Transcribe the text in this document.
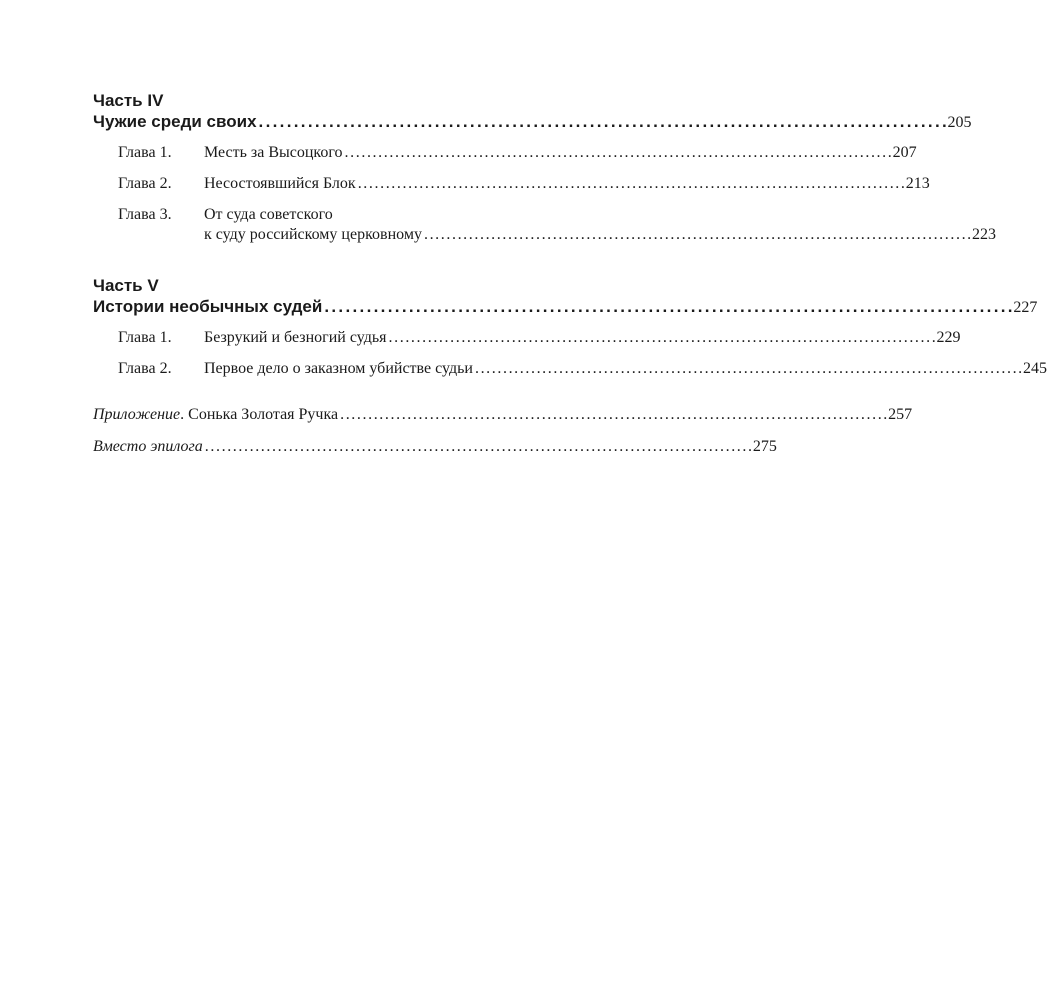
Часть IV

Чужие среди своих . . .	205
Глава 1.	Месть за Высоцкого . . .	207
Глава 2.	Несостоявшийся Блок . . .	213
Глава 3.	От суда советского
к суду российскому церковному . . .	223

Часть V

Истории необычных судей . . .	227
Глава 1.	Безрукий и безногий судья . . .	229
Глава 2.	Первое дело о заказном убийстве судьи . . .	245
Приложение. Сонька Золотая Ручка . . .	257
Вместо эпилога . . .	275
